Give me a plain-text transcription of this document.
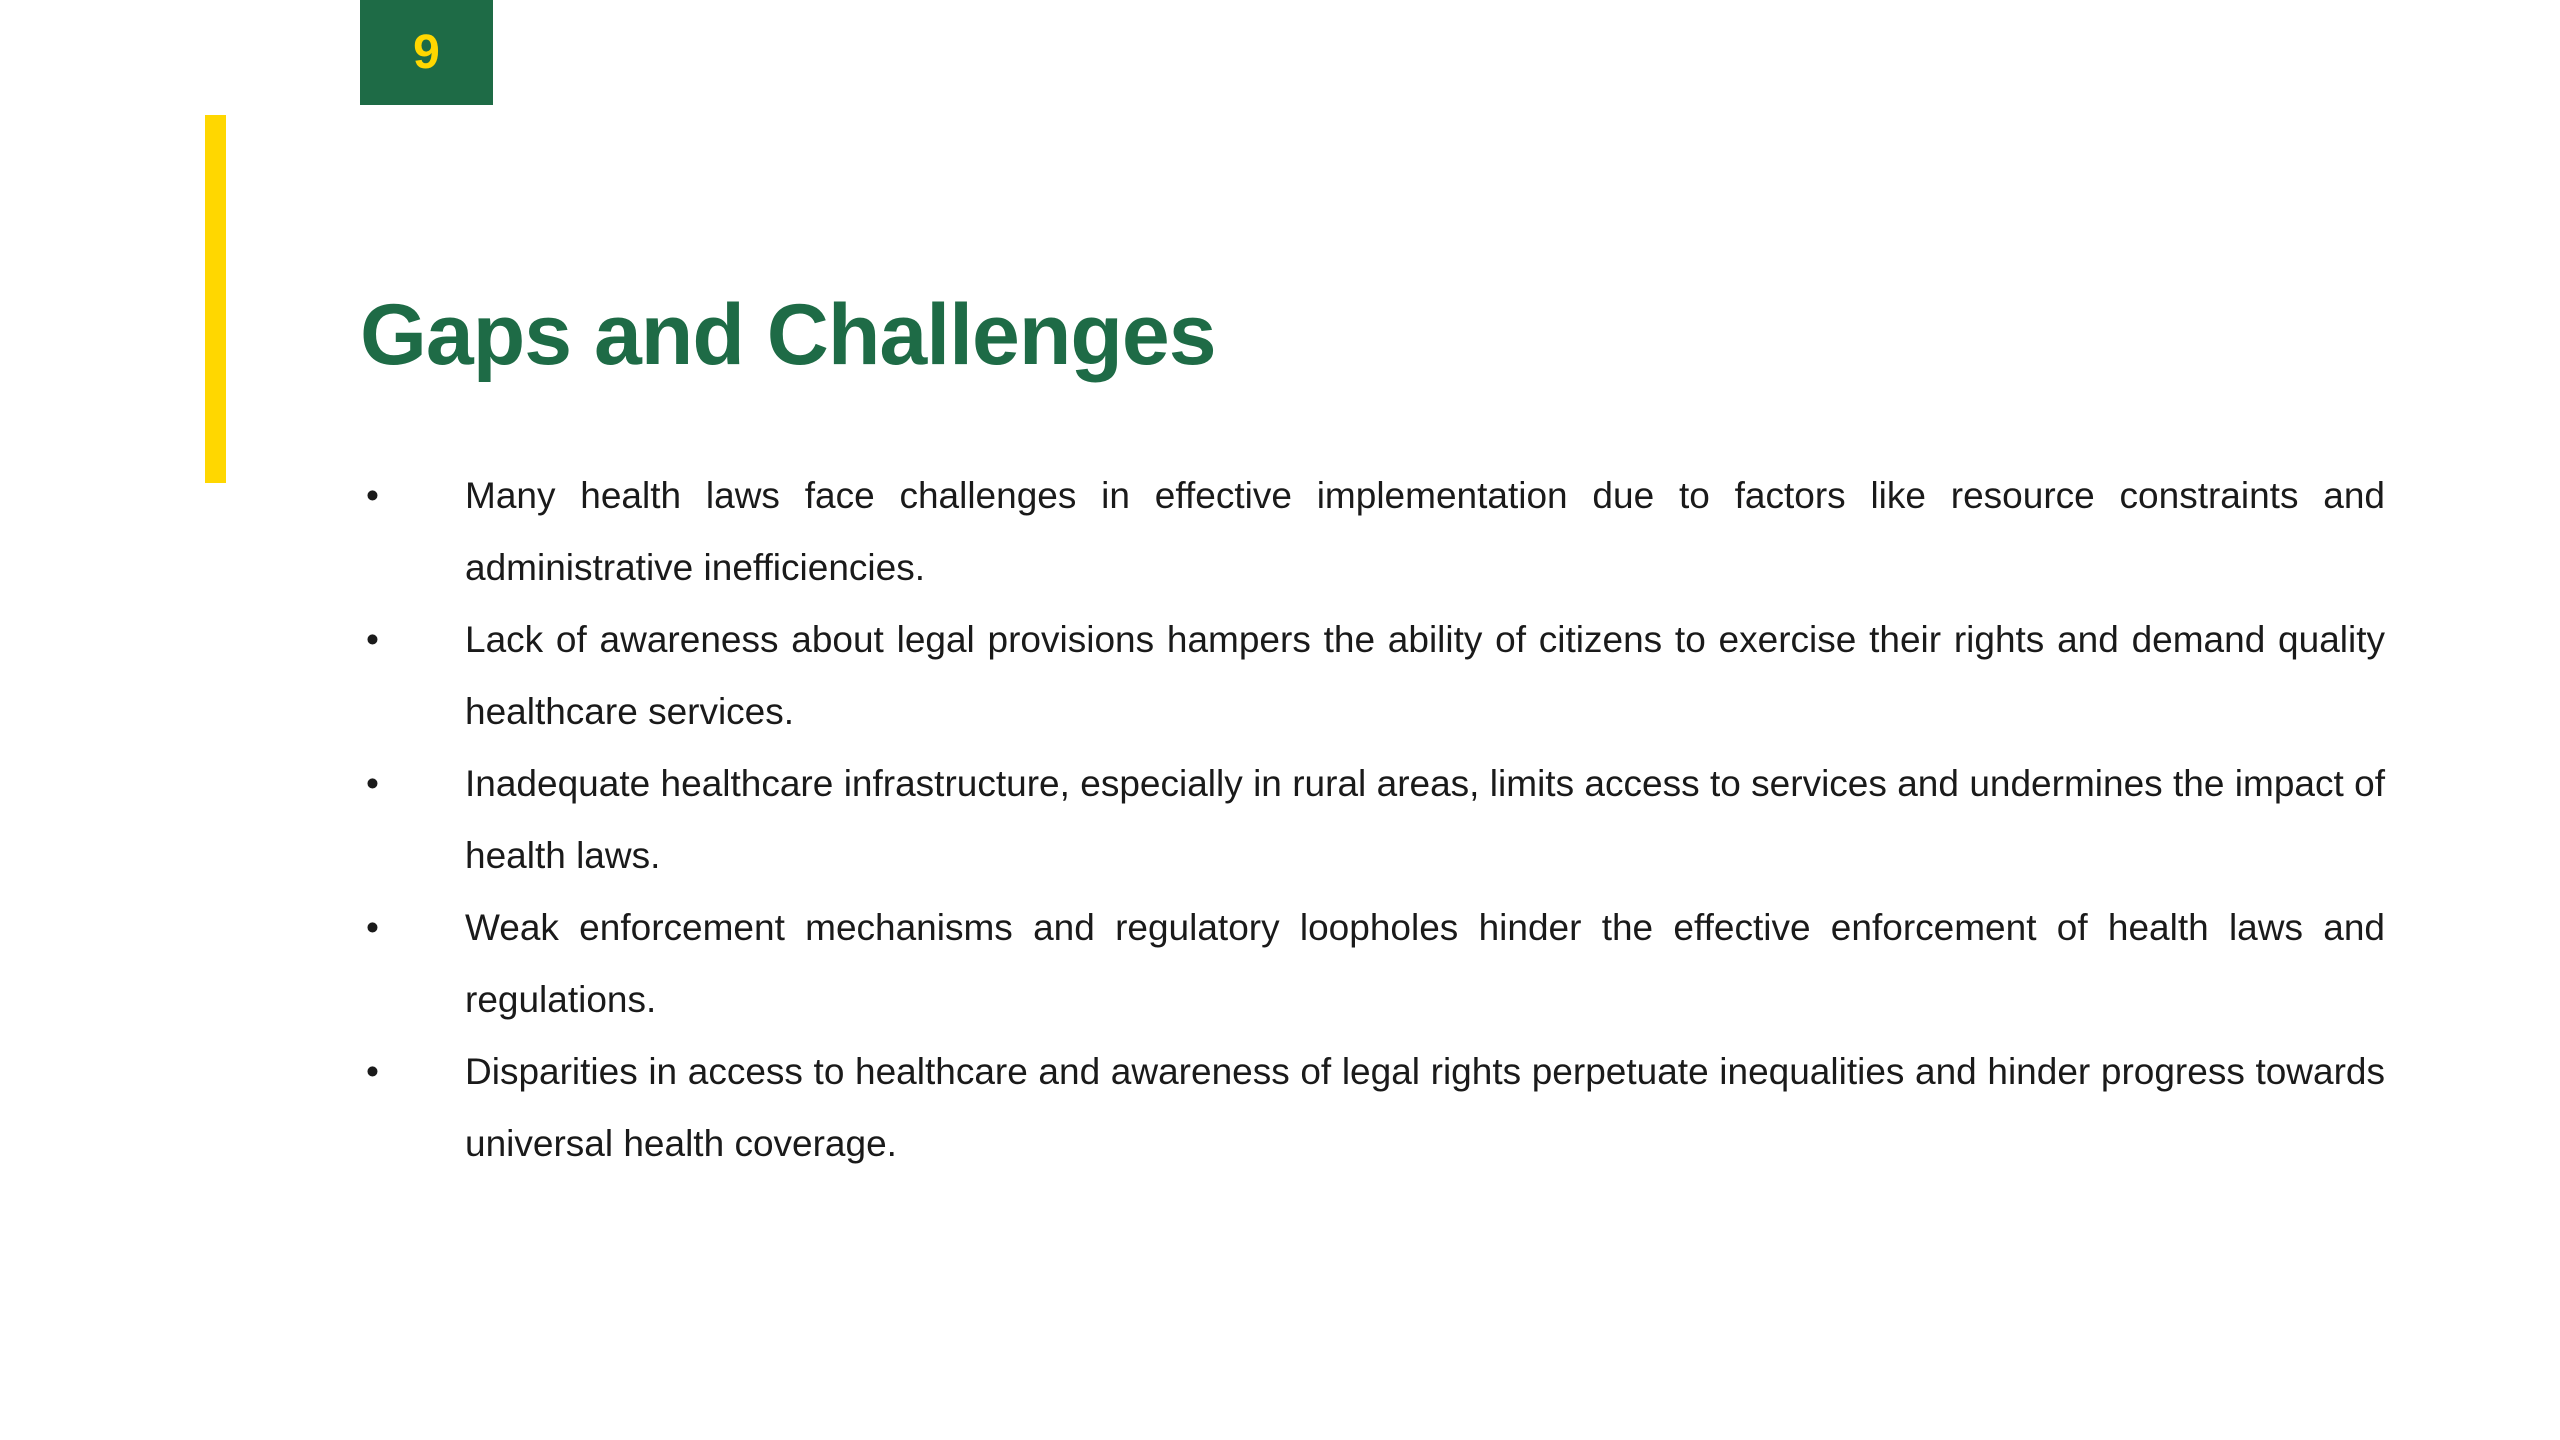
9
Gaps and Challenges
•	Many health laws face challenges in effective implementation due to factors like resource constraints and administrative inefficiencies.
•	Lack of awareness about legal provisions hampers the ability of citizens to exercise their rights and demand quality healthcare services.
•	Inadequate healthcare infrastructure, especially in rural areas, limits access to services and undermines the impact of health laws.
•	Weak enforcement mechanisms and regulatory loopholes hinder the effective enforcement of health laws and regulations.
•	Disparities in access to healthcare and awareness of legal rights perpetuate inequalities and hinder progress towards universal health coverage.
